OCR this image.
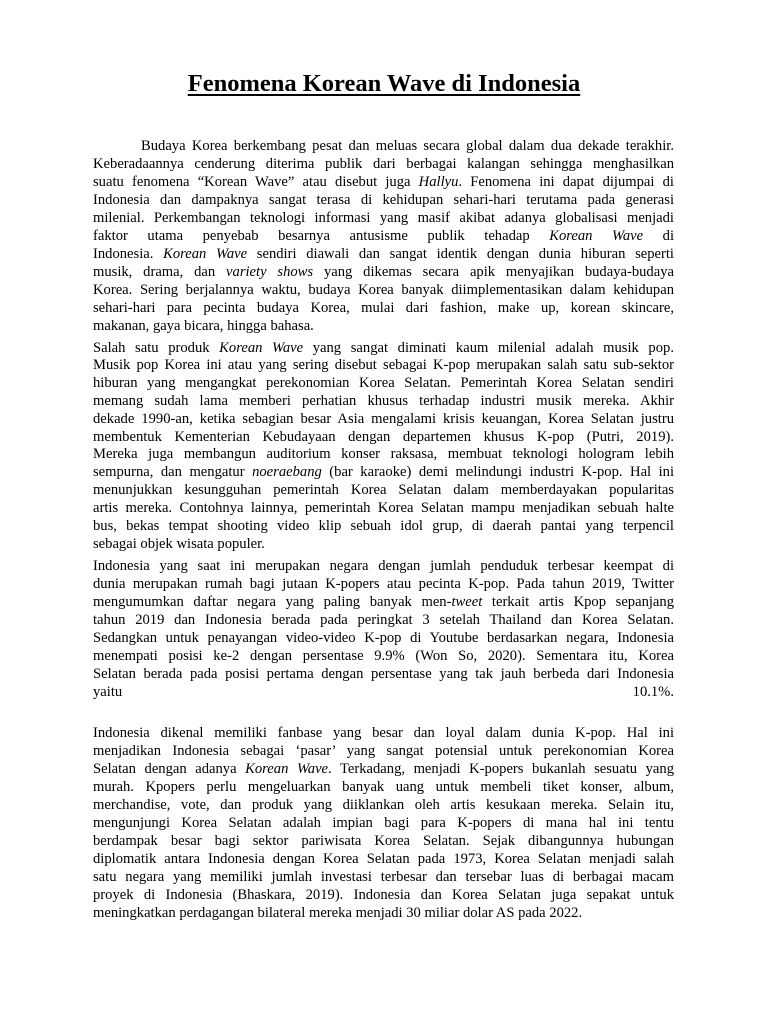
Fenomena Korean Wave di Indonesia
Budaya Korea berkembang pesat dan meluas secara global dalam dua dekade terakhir.
Keberadaannya cenderung diterima publik dari berbagai kalangan sehingga menghasilkan
suatu fenomena “Korean Wave” atau disebut juga Hallyu. Fenomena ini dapat dijumpai di
Indonesia dan dampaknya sangat terasa di kehidupan sehari-hari terutama pada generasi
milenial. Perkembangan teknologi informasi yang masif akibat adanya globalisasi menjadi
faktor utama penyebab besarnya antusisme publik tehadap Korean Wave di
Indonesia. Korean Wave sendiri diawali dan sangat identik dengan dunia hiburan seperti
musik, drama, dan variety shows yang dikemas secara apik menyajikan budaya-budaya
Korea. Sering berjalannya waktu, budaya Korea banyak diimplementasikan dalam kehidupan
sehari-hari para pecinta budaya Korea, mulai dari fashion, make up, korean skincare,
makanan, gaya bicara, hingga bahasa.
Salah satu produk Korean Wave yang sangat diminati kaum milenial adalah musik pop.
Musik pop Korea ini atau yang sering disebut sebagai K-pop merupakan salah satu sub-sektor
hiburan yang mengangkat perekonomian Korea Selatan. Pemerintah Korea Selatan sendiri
memang sudah lama memberi perhatian khusus terhadap industri musik mereka. Akhir
dekade 1990-an, ketika sebagian besar Asia mengalami krisis keuangan, Korea Selatan justru
membentuk Kementerian Kebudayaan dengan departemen khusus K-pop (Putri, 2019).
Mereka juga membangun auditorium konser raksasa, membuat teknologi hologram lebih
sempurna, dan mengatur noeraebang (bar karaoke) demi melindungi industri K-pop. Hal ini
menunjukkan kesungguhan pemerintah Korea Selatan dalam memberdayakan popularitas
artis mereka. Contohnya lainnya, pemerintah Korea Selatan mampu menjadikan sebuah halte
bus, bekas tempat shooting video klip sebuah idol grup, di daerah pantai yang terpencil
sebagai objek wisata populer.
Indonesia yang saat ini merupakan negara dengan jumlah penduduk terbesar keempat di
dunia merupakan rumah bagi jutaan K-popers atau pecinta K-pop. Pada tahun 2019, Twitter
mengumumkan daftar negara yang paling banyak men-tweet terkait artis Kpop sepanjang
tahun 2019 dan Indonesia berada pada peringkat 3 setelah Thailand dan Korea Selatan.
Sedangkan untuk penayangan video-video K-pop di Youtube berdasarkan negara, Indonesia
menempati posisi ke-2 dengan persentase 9.9% (Won So, 2020). Sementara itu, Korea
Selatan berada pada posisi pertama dengan persentase yang tak jauh berbeda dari Indonesia
yaitu 10.1%.
Indonesia dikenal memiliki fanbase yang besar dan loyal dalam dunia K-pop. Hal ini
menjadikan Indonesia sebagai ‘pasar’ yang sangat potensial untuk perekonomian Korea
Selatan dengan adanya Korean Wave. Terkadang, menjadi K-popers bukanlah sesuatu yang
murah. Kpopers perlu mengeluarkan banyak uang untuk membeli tiket konser, album,
merchandise, vote, dan produk yang diiklankan oleh artis kesukaan mereka. Selain itu,
mengunjungi Korea Selatan adalah impian bagi para K-popers di mana hal ini tentu
berdampak besar bagi sektor pariwisata Korea Selatan. Sejak dibangunnya hubungan
diplomatik antara Indonesia dengan Korea Selatan pada 1973, Korea Selatan menjadi salah
satu negara yang memiliki jumlah investasi terbesar dan tersebar luas di berbagai macam
proyek di Indonesia (Bhaskara, 2019). Indonesia dan Korea Selatan juga sepakat untuk
meningkatkan perdagangan bilateral mereka menjadi 30 miliar dolar AS pada 2022.
